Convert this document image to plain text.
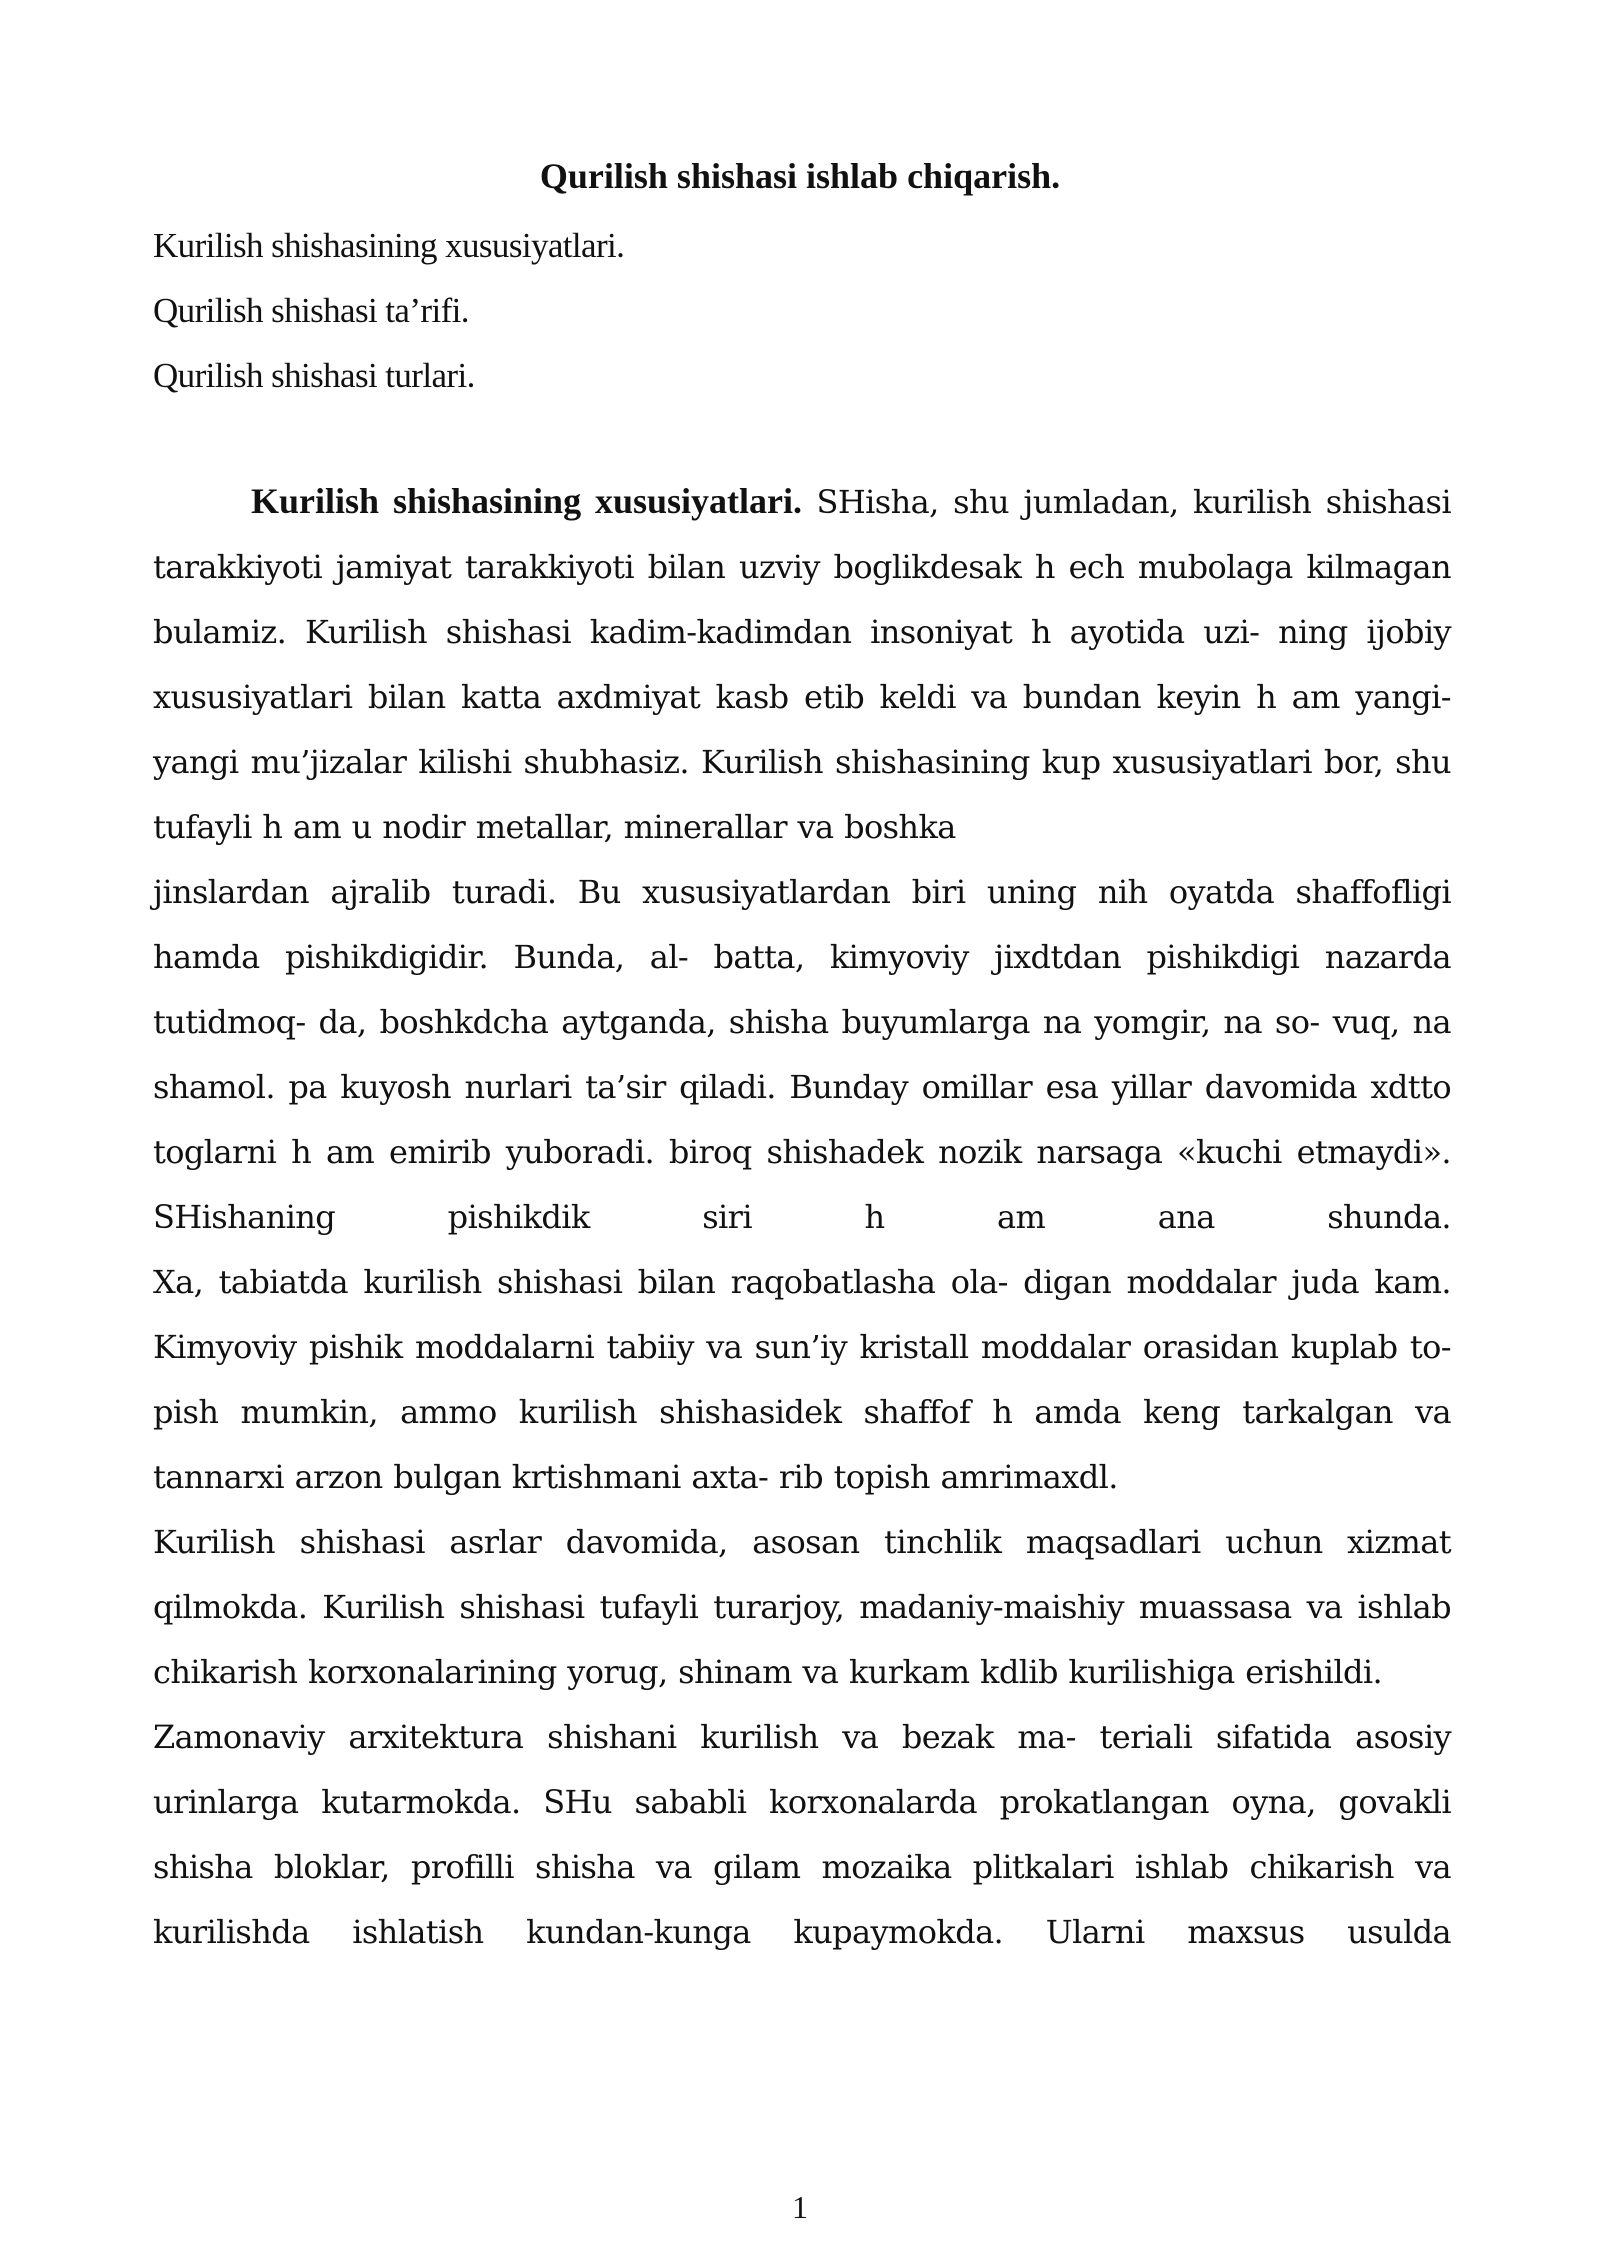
Qurilish shishasi ishlab chiqarish.
Kurilish shishasining xususiyatlari.
Qurilish shishasi ta’rifi.
Qurilish shishasi turlari.

Kurilish shishasining xususiyatlari. SHisha, shu jumladan, kurilish shishasi tarakkiyoti jamiyat tarakkiyoti bilan uzviy boglikdesak h ech mubolaga kilmagan bulamiz. Kurilish shishasi kadim-kadimdan insoniyat h ayotida uzi- ning ijobiy xususiyatlari bilan katta axdmiyat kasb etib keldi va bundan keyin h am yangi-yangi mu’jizalar kilishi shubhasiz. Kurilish shishasining kup xususiyatlari bor, shu tufayli h am u nodir metallar, minerallar va boshka

jinslardan ajralib turadi. Bu xususiyatlardan biri uning nih oyatda shaffofligi hamda pishikdigidir. Bunda, al- batta, kimyoviy jixdtdan pishikdigi nazarda tutidmoq- da, boshkdcha aytganda, shisha buyumlarga na yomgir, na so- vuq, na shamol. pa kuyosh nurlari ta’sir qiladi. Bunday omillar esa yillar davomida xdtto toglarni h am emirib yuboradi. biroq shishadek nozik narsaga «kuchi etmaydi». SHishaning pishikdik siri h am ana shunda.

Xa, tabiatda kurilish shishasi bilan raqobatlasha ola- digan moddalar juda kam. Kimyoviy pishik moddalarni tabiiy va sun’iy kristall moddalar orasidan kuplab to- pish mumkin, ammo kurilish shishasidek shaffof h amda keng tarkalgan va tannarxi arzon bulgan krtishmani axta- rib topish amrimaxdl.

Kurilish shishasi asrlar davomida, asosan tinchlik maqsadlari uchun xizmat qilmokda. Kurilish shishasi tufayli turarjoy, madaniy-maishiy muassasa va ishlab chikarish korxonalarining yorug, shinam va kurkam kdlib kurilishiga erishildi.

Zamonaviy arxitektura shishani kurilish va bezak ma- teriali sifatida asosiy urinlarga kutarmokda. SHu sababli korxonalarda prokatlangan oyna, govakli shisha bloklar, profilli shisha va gilam mozaika plitkalari ishlab chikarish va kurilishda ishlatish kundan-kunga kupaymokda. Ularni maxsus usulda

1
